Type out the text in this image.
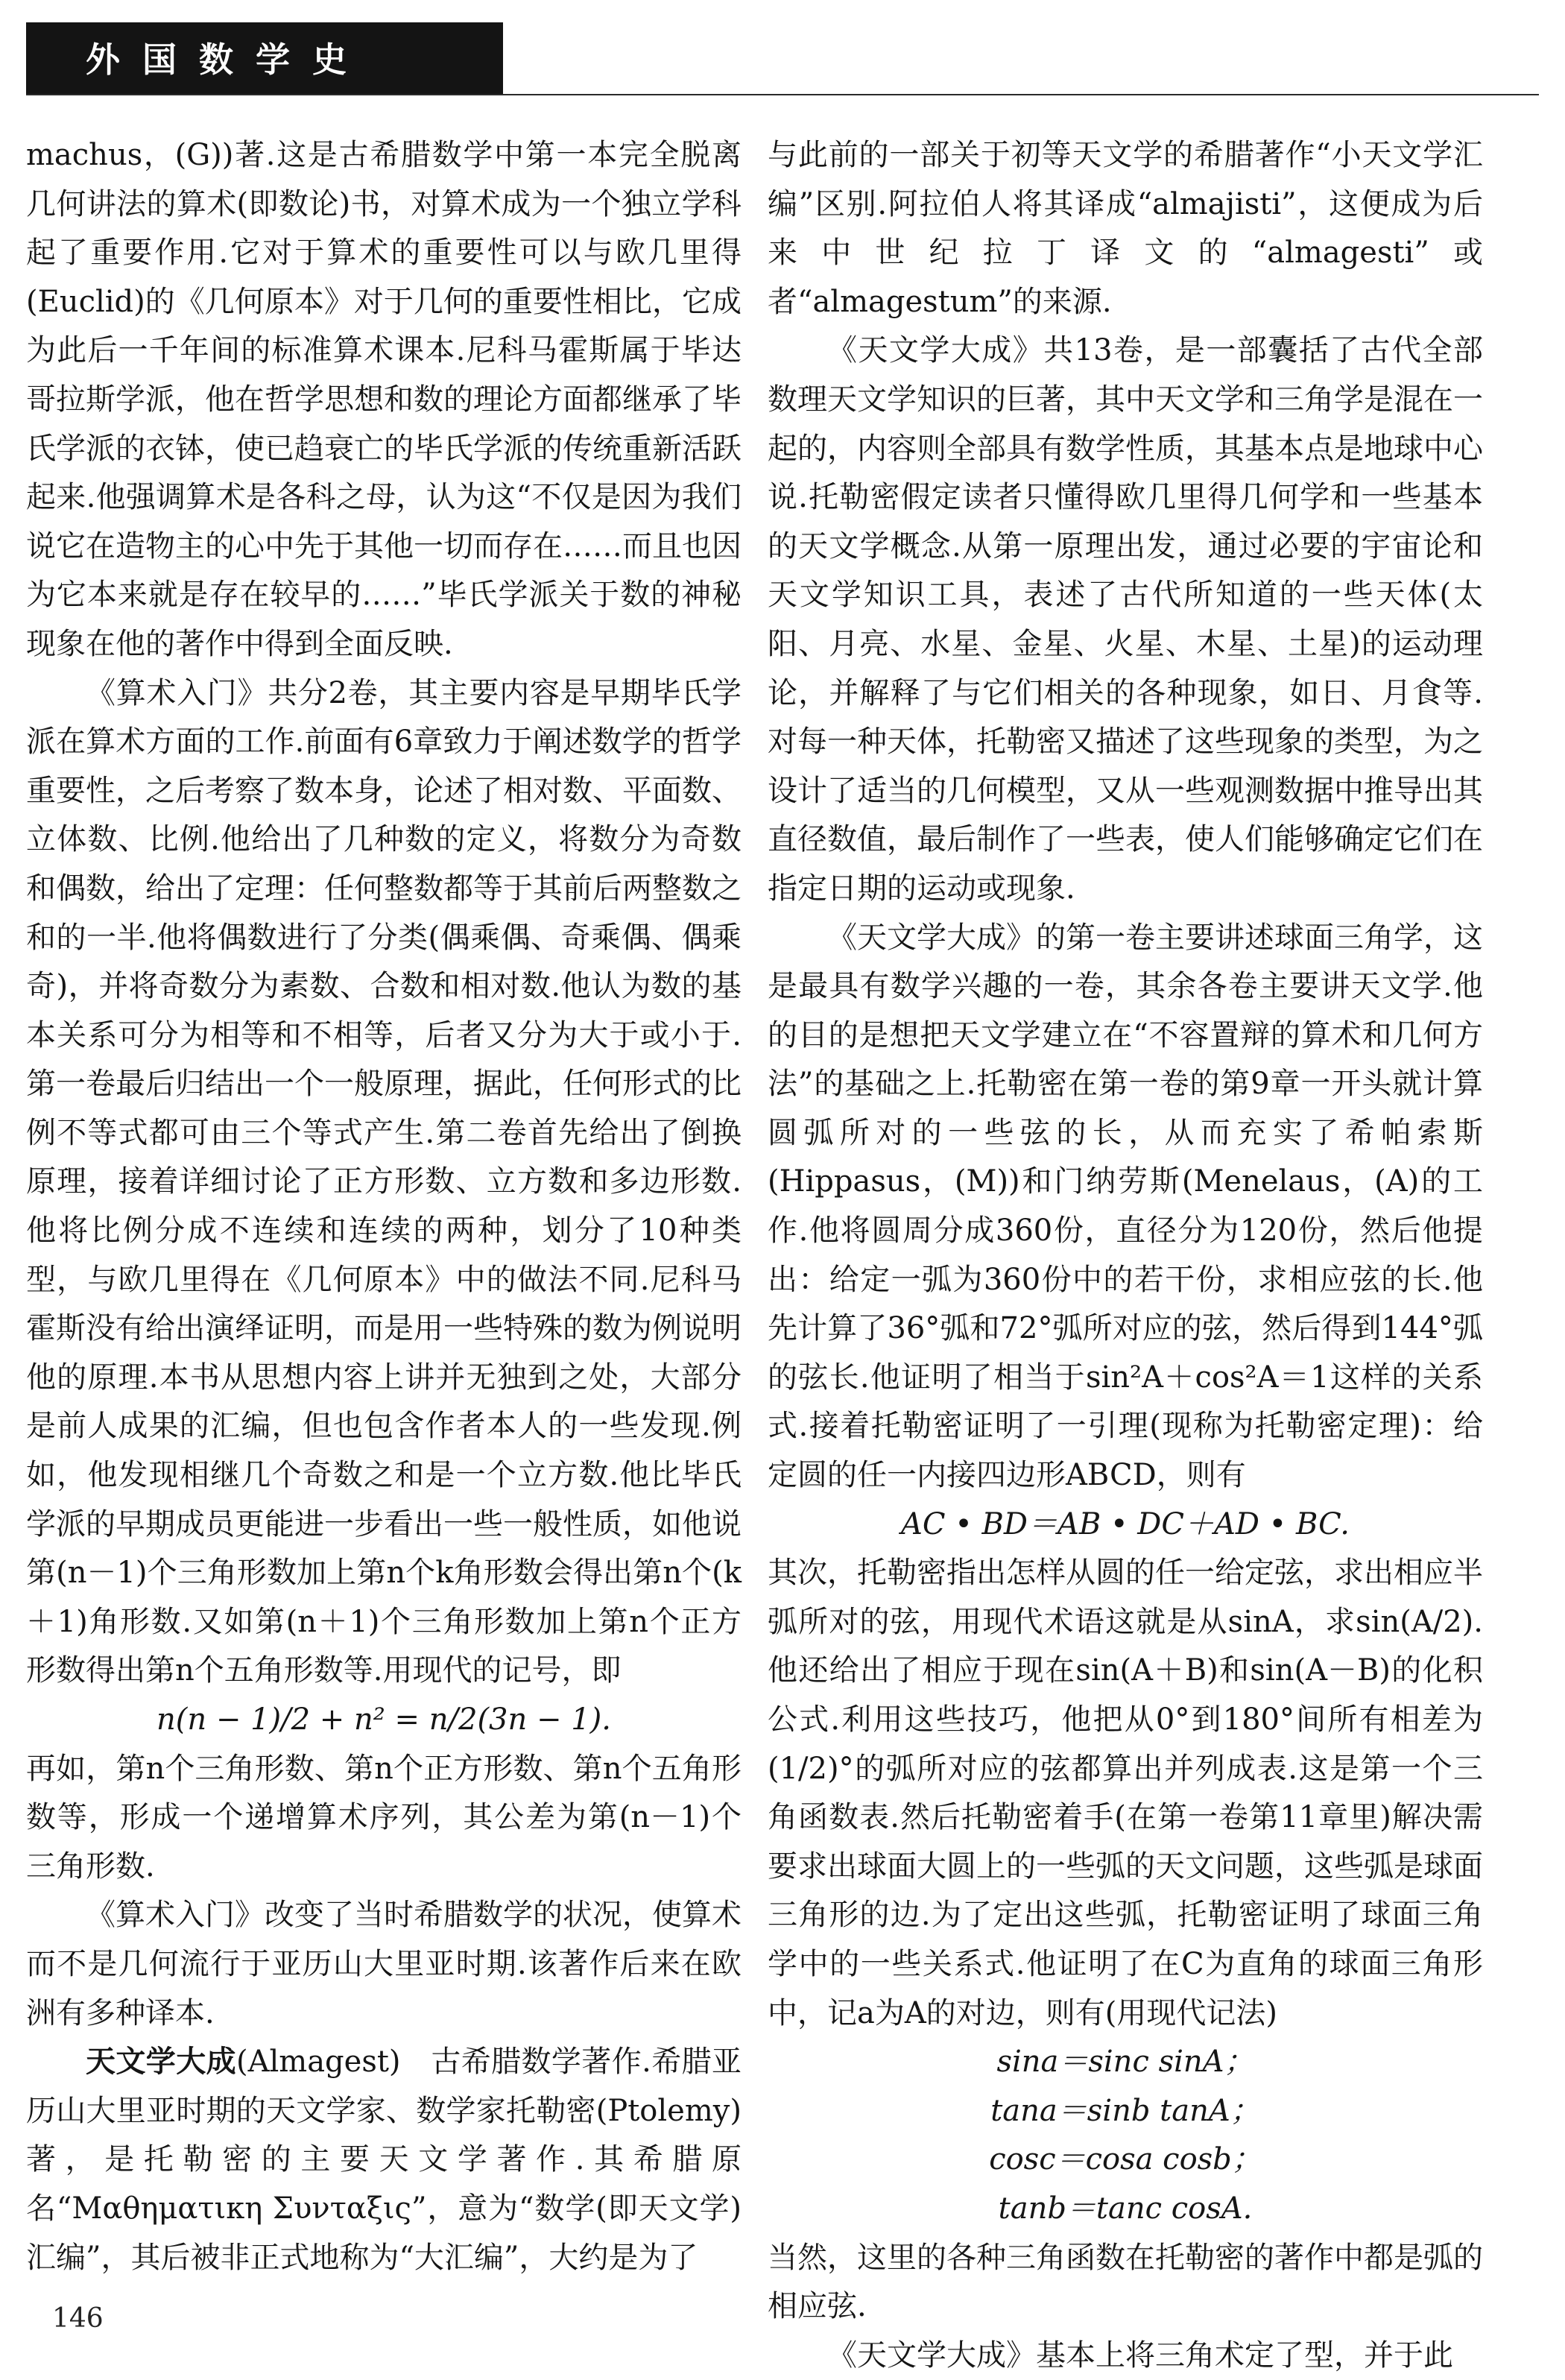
外国数学史

machus，(G))著.这是古希腊数学中第一本完全脱离几何讲法的算术(即数论)书，对算术成为一个独立学科起了重要作用.它对于算术的重要性可以与欧几里得(Euclid)的《几何原本》对于几何的重要性相比，它成为此后一千年间的标准算术课本.尼科马霍斯属于毕达哥拉斯学派，他在哲学思想和数的理论方面都继承了毕氏学派的衣钵，使已趋衰亡的毕氏学派的传统重新活跃起来.他强调算术是各科之母，认为这“不仅是因为我们说它在造物主的心中先于其他一切而存在……而且也因为它本来就是存在较早的……”毕氏学派关于数的神秘现象在他的著作中得到全面反映.

《算术入门》共分2卷，其主要内容是早期毕氏学派在算术方面的工作.前面有6章致力于阐述数学的哲学重要性，之后考察了数本身，论述了相对数、平面数、立体数、比例.他给出了几种数的定义，将数分为奇数和偶数，给出了定理：任何整数都等于其前后两整数之和的一半.他将偶数进行了分类(偶乘偶、奇乘偶、偶乘奇)，并将奇数分为素数、合数和相对数.他认为数的基本关系可分为相等和不相等，后者又分为大于或小于.第一卷最后归结出一个一般原理，据此，任何形式的比例不等式都可由三个等式产生.第二卷首先给出了倒换原理，接着详细讨论了正方形数、立方数和多边形数.他将比例分成不连续和连续的两种，划分了10种类型，与欧几里得在《几何原本》中的做法不同.尼科马霍斯没有给出演绎证明，而是用一些特殊的数为例说明他的原理.本书从思想内容上讲并无独到之处，大部分是前人成果的汇编，但也包含作者本人的一些发现.例如，他发现相继几个奇数之和是一个立方数.他比毕氏学派的早期成员更能进一步看出一些一般性质，如他说第(n－1)个三角形数加上第n个k角形数会得出第n个(k＋1)角形数.又如第(n＋1)个三角形数加上第n个正方形数得出第n个五角形数等.用现代的记号，即

n(n − 1)/2 + n² = n/2(3n − 1).

再如，第n个三角形数、第n个正方形数、第n个五角形数等，形成一个递增算术序列，其公差为第(n－1)个三角形数.

《算术入门》改变了当时希腊数学的状况，使算术而不是几何流行于亚历山大里亚时期.该著作后来在欧洲有多种译本.

天文学大成(Almagest)　古希腊数学著作.希腊亚历山大里亚时期的天文学家、数学家托勒密(Ptolemy)著，是托勒密的主要天文学著作.其希腊原名“Μαθηματικη Συνταξις”，意为“数学(即天文学)汇编”，其后被非正式地称为“大汇编”，大约是为了

与此前的一部关于初等天文学的希腊著作“小天文学汇编”区别.阿拉伯人将其译成“almajisti”，这便成为后来中世纪拉丁译文的“almagesti”或者“almagestum”的来源.

《天文学大成》共13卷，是一部囊括了古代全部数理天文学知识的巨著，其中天文学和三角学是混在一起的，内容则全部具有数学性质，其基本点是地球中心说.托勒密假定读者只懂得欧几里得几何学和一些基本的天文学概念.从第一原理出发，通过必要的宇宙论和天文学知识工具，表述了古代所知道的一些天体(太阳、月亮、水星、金星、火星、木星、土星)的运动理论，并解释了与它们相关的各种现象，如日、月食等.对每一种天体，托勒密又描述了这些现象的类型，为之设计了适当的几何模型，又从一些观测数据中推导出其直径数值，最后制作了一些表，使人们能够确定它们在指定日期的运动或现象.

《天文学大成》的第一卷主要讲述球面三角学，这是最具有数学兴趣的一卷，其余各卷主要讲天文学.他的目的是想把天文学建立在“不容置辩的算术和几何方法”的基础之上.托勒密在第一卷的第9章一开头就计算圆弧所对的一些弦的长，从而充实了希帕索斯(Hippasus，(M))和门纳劳斯(Menelaus，(A)的工作.他将圆周分成360份，直径分为120份，然后他提出：给定一弧为360份中的若干份，求相应弦的长.他先计算了36°弧和72°弧所对应的弦，然后得到144°弧的弦长.他证明了相当于sin²A＋cos²A＝1这样的关系式.接着托勒密证明了一引理(现称为托勒密定理)：给定圆的任一内接四边形ABCD，则有

AC • BD＝AB • DC＋AD • BC.

其次，托勒密指出怎样从圆的任一给定弦，求出相应半弧所对的弦，用现代术语这就是从sinA，求sin(A/2).他还给出了相应于现在sin(A＋B)和sin(A－B)的化积公式.利用这些技巧，他把从0°到180°间所有相差为(1/2)°的弧所对应的弦都算出并列成表.这是第一个三角函数表.然后托勒密着手(在第一卷第11章里)解决需要求出球面大圆上的一些弧的天文问题，这些弧是球面三角形的边.为了定出这些弧，托勒密证明了球面三角学中的一些关系式.他证明了在C为直角的球面三角形中，记a为A的对边，则有(用现代记法)

sina＝sinc sinA；

tana＝sinb tanA；

cosc＝cosa cosb；

tanb＝tanc cosA.

当然，这里的各种三角函数在托勒密的著作中都是弧的相应弦.

《天文学大成》基本上将三角术定了型，并于此

146
